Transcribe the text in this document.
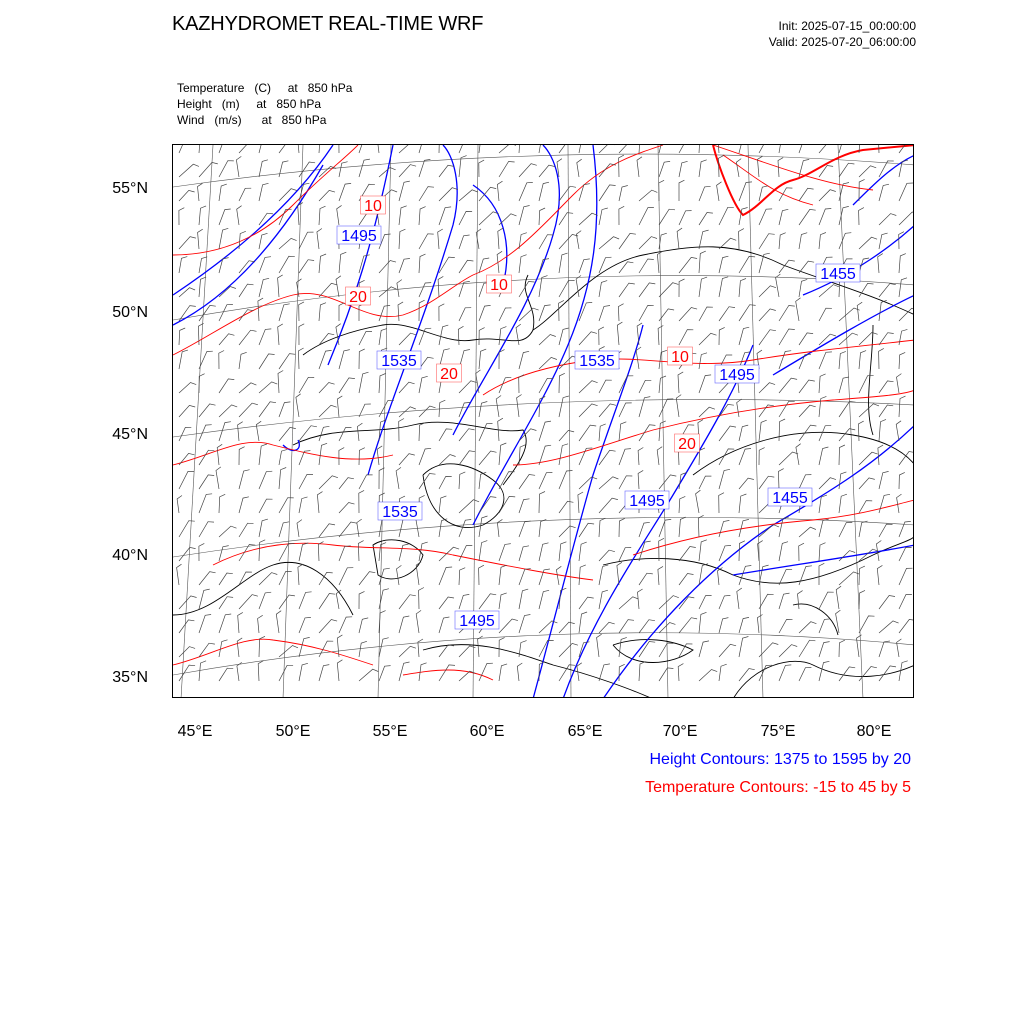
KAZHYDROMET REAL-TIME WRF	Init: 2025-07-15_00:00:00
Valid: 2025-07-20_06:00:00
Temperature   (C)     at   850 hPa
Height   (m)     at   850 hPa
Wind   (m/s)      at   850 hPa
1495
1535	1535
1455
1495
1495	1455
1535
1495
10
20
10
20
10
20
55°N
50°N
45°N
40°N
35°N
45°E	50°E	55°E	60°E	65°E	70°E	75°E	80°E
Height Contours: 1375 to 1595 by 20
Temperature Contours: -15 to 45 by 5
